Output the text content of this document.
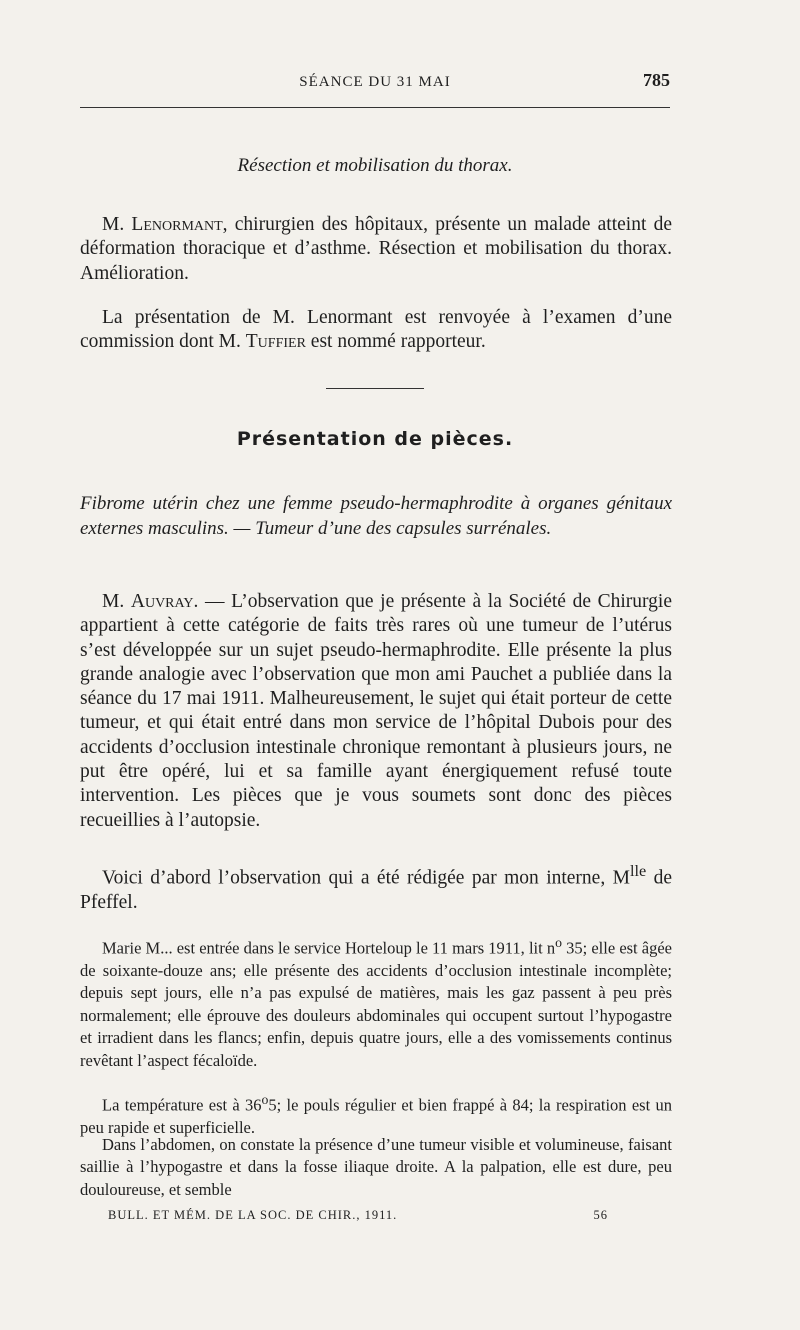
SÉANCE DU 31 MAI	785
Résection et mobilisation du thorax.

M. Lenormant, chirurgien des hôpitaux, présente un malade atteint de déformation thoracique et d’asthme. Résection et mobilisation du thorax. Amélioration.

La présentation de M. Lenormant est renvoyée à l’examen d’une commission dont M. Tuffier est nommé rapporteur.

Présentation de pièces.
Fibrome utérin chez une femme pseudo-hermaphrodite à organes génitaux externes masculins. — Tumeur d’une des capsules surrénales.

M. Auvray. — L’observation que je présente à la Société de Chirurgie appartient à cette catégorie de faits très rares où une tumeur de l’utérus s’est développée sur un sujet pseudo-hermaphrodite. Elle présente la plus grande analogie avec l’observation que mon ami Pauchet a publiée dans la séance du 17 mai 1911. Malheureusement, le sujet qui était porteur de cette tumeur, et qui était entré dans mon service de l’hôpital Dubois pour des accidents d’occlusion intestinale chronique remontant à plusieurs jours, ne put être opéré, lui et sa famille ayant énergiquement refusé toute intervention. Les pièces que je vous soumets sont donc des pièces recueillies à l’autopsie.

Voici d’abord l’observation qui a été rédigée par mon interne, $M^{lle}$ de Pfeffel.

Marie M... est entrée dans le service Horteloup le 11 mars 1911, lit $n^o$ 35; elle est âgée de soixante-douze ans; elle présente des accidents d’occlusion intestinale incomplète; depuis sept jours, elle n’a pas expulsé de matières, mais les gaz passent à peu près normalement; elle éprouve des douleurs abdominales qui occupent surtout l’hypogastre et irradient dans les flancs; enfin, depuis quatre jours, elle a des vomissements continus revêtant l’aspect fécaloïde.

La température est à 36$^o$5; le pouls régulier et bien frappé à 84; la respiration est un peu rapide et superficielle.

Dans l’abdomen, on constate la présence d’une tumeur visible et volumineuse, faisant saillie à l’hypogastre et dans la fosse iliaque droite. A la palpation, elle est dure, peu douloureuse, et semble

BULL. ET MÉM. DE LA SOC. DE CHIR., 1911.	56
